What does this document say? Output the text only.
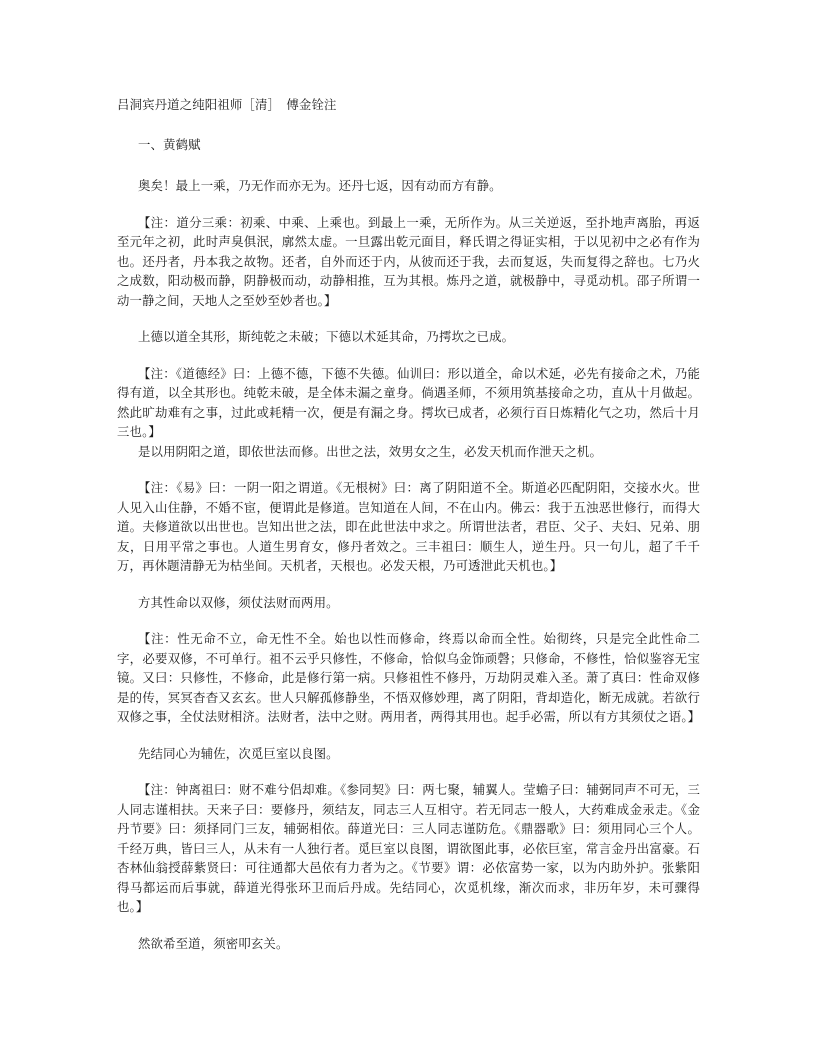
吕洞宾丹道之纯阳祖师［清］　傅金铨注
一、黄鹤赋

奥矣！最上一乘，乃无作而亦无为。还丹七返，因有动而方有静。

【注：道分三乘：初乘、中乘、上乘也。到最上一乘，无所作为。从三关逆返，至扑地声离胎，再返至元年之初，此时声臭俱泯，廓然太虚。一旦露出乾元面目，释氏谓之得证实相，于以见初中之必有作为也。还丹者，丹本我之故物。还者，自外而还于内，从彼而还于我，去而复返，失而复得之辞也。七乃火之成数，阳动极而静，阴静极而动，动静相推，互为其根。炼丹之道，就极静中，寻觅动机。邵子所谓一动一静之间，天地人之至妙至妙者也。】

上德以道全其形，斯纯乾之未破；下德以术延其命，乃摴坎之已成。

【注：《道德经》曰：上德不德，下德不失德。仙训曰：形以道全，命以术延，必先有接命之术，乃能得有道，以全其形也。纯乾未破，是全体未漏之童身。倘遇圣师，不须用筑基接命之功，直从十月做起。然此旷劫难有之事，过此或耗精一次，便是有漏之身。摴坎已成者，必须行百日炼精化气之功，然后十月三也。】

是以用阴阳之道，即依世法而修。出世之法，效男女之生，必发天机而作泄天之机。

【注：《易》曰：一阴一阳之谓道。《无根树》曰：离了阴阳道不全。斯道必匹配阴阳，交接水火。世人见入山住静，不婚不宦，便谓此是修道。岂知道在人间，不在山内。佛云：我于五浊恶世修行，而得大道。夫修道欲以出世也。岂知出世之法，即在此世法中求之。所谓世法者，君臣、父子、夫妇、兄弟、朋友，日用平常之事也。人道生男育女，修丹者效之。三丰祖曰：顺生人，逆生丹。只一句儿，超了千千万，再休题清静无为枯坐间。天机者，天根也。必发天根，乃可透泄此天机也。】

方其性命以双修，须仗法财而两用。

【注：性无命不立，命无性不全。始也以性而修命，终焉以命而全性。始彻终，只是完全此性命二字，必要双修，不可单行。祖不云乎只修性，不修命，恰似乌金饰顽磬；只修命，不修性，恰似鉴容无宝镜。又曰：只修性，不修命，此是修行第一病。只修祖性不修丹，万劫阴灵难入圣。萧了真曰：性命双修是的传，冥冥杳杳又玄玄。世人只解孤修静坐，不悟双修妙理，离了阴阳，背却造化，断无成就。若欲行双修之事，全仗法财相济。法财者，法中之财。两用者，两得其用也。起手必需，所以有方其须仗之语。】

先结同心为辅佐，次觅巨室以良图。

【注：钟离祖曰：财不难兮侣却难。《参同契》曰：两七聚，辅翼人。莹蟾子曰：辅弼同声不可无，三人同志谨相扶。天来子曰：要修丹，须结友，同志三人互相守。若无同志一般人，大药难成金汞走。《金丹节要》曰：须择同门三友，辅弼相依。薛道光曰：三人同志谨防危。《鼎器歌》曰：须用同心三个人。千经万典，皆曰三人，从未有一人独行者。觅巨室以良图，谓欲图此事，必依巨室，常言金丹出富豪。石杏林仙翁授薛紫贤曰：可往通都大邑依有力者为之。《节要》谓：必依富势一家，以为内助外护。张紫阳得马都运而后事就，薛道光得张环卫而后丹成。先结同心，次觅机缘，渐次而求，非历年岁，未可骤得也。】

然欲希至道，须密叩玄关。
